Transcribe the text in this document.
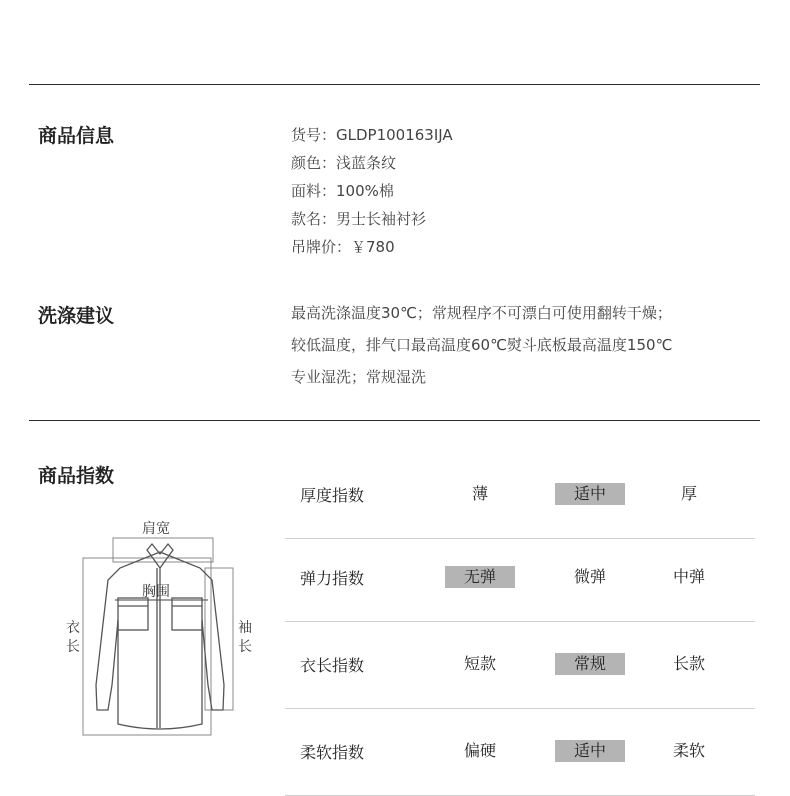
商品信息	货号：GLDP100163IJA
颜色：浅蓝条纹
面料：100%棉
款名：男士长袖衬衫
吊牌价：￥780
洗涤建议	最高洗涤温度30℃；常规程序不可漂白可使用翻转干燥；
较低温度，排气口最高温度60℃熨斗底板最高温度150℃
专业湿洗；常规湿洗
商品指数
厚度指数	薄	适中	厚
弹力指数	无弹	微弹	中弹
衣长指数	短款	常规	长款
柔软指数	偏硬	适中	柔软
肩宽
胸围
衣
长
袖
长
